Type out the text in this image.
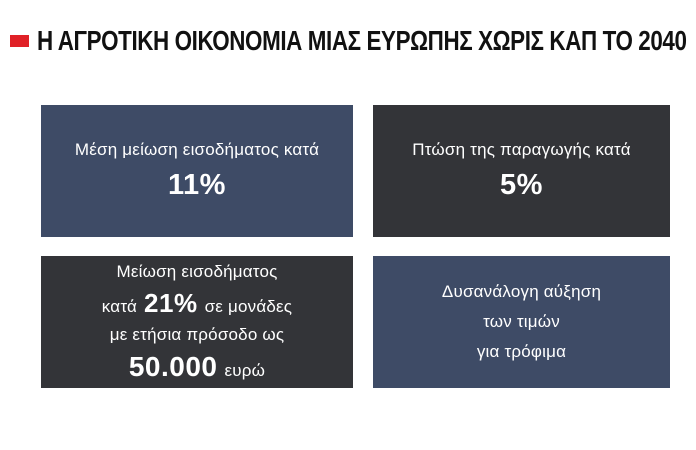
Η ΑΓΡΟΤΙΚΗ ΟΙΚΟΝΟΜΙΑ ΜΙΑΣ ΕΥΡΩΠΗΣ ΧΩΡΙΣ ΚΑΠ ΤΟ 2040
Μέση μείωση εισοδήματος κατά
11%
Πτώση της παραγωγής κατά
5%
Μείωση εισοδήματος
κατά 21% σε μονάδες
με ετήσια πρόσοδο ως
50.000 ευρώ
Δυσανάλογη αύξηση
των τιμών
για τρόφιμα
